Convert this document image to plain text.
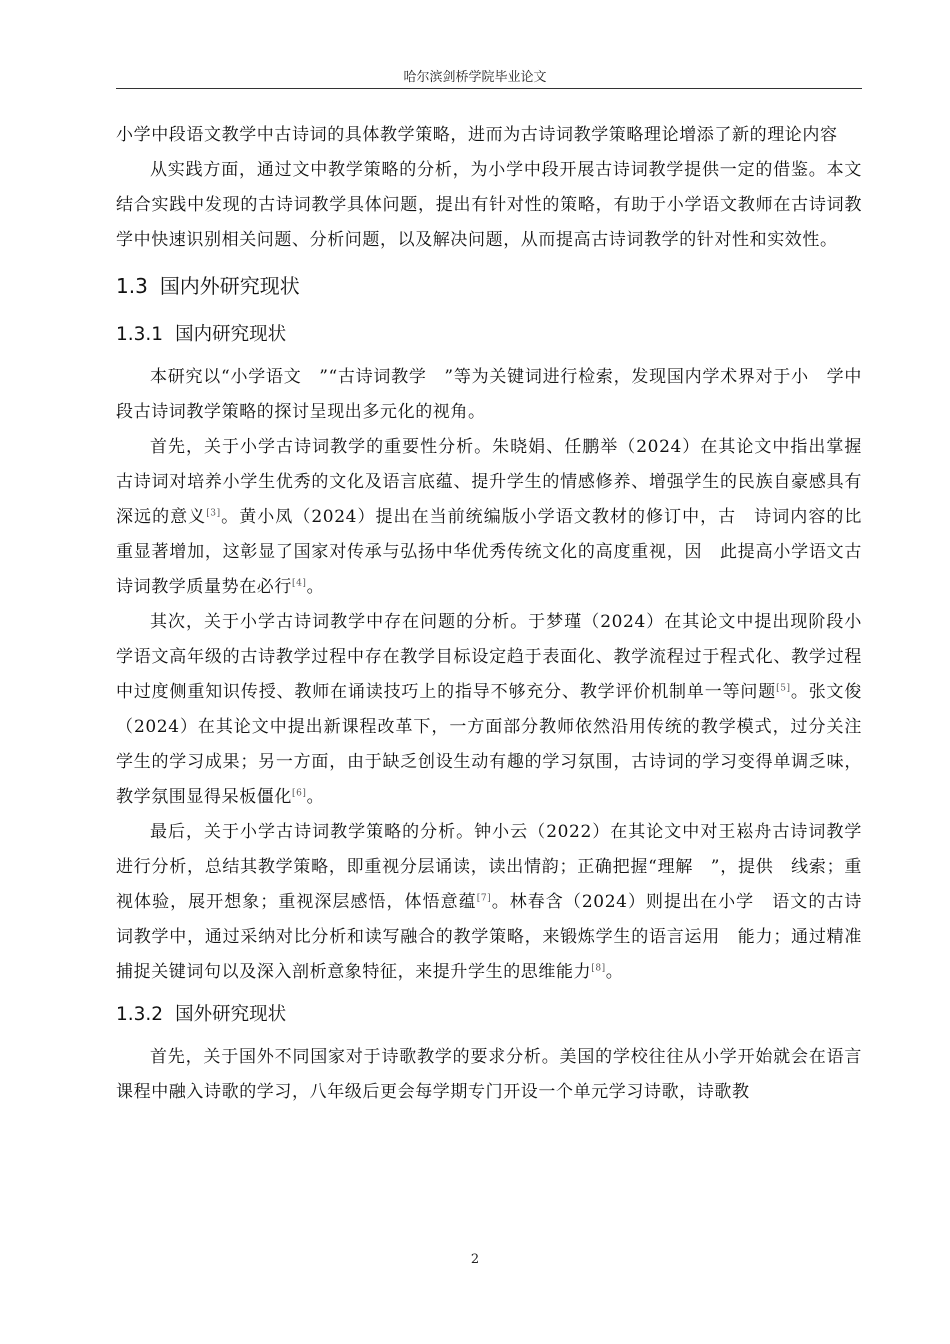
哈尔滨剑桥学院毕业论文

小学中段语文教学中古诗词的具体教学策略，进而为古诗词教学策略理论增添了新的理论内容

从实践方面，通过文中教学策略的分析，为小学中段开展古诗词教学提供一定的借鉴。本文结合实践中发现的古诗词教学具体问题，提出有针对性的策略，有助于小学语文教师在古诗词教学中快速识别相关问题、分析问题，以及解决问题，从而提高古诗词教学的针对性和实效性。

1.3 国内外研究现状
1.3.1 国内研究现状

本研究以“小学语文　”“古诗词教学　”等为关键词进行检索，发现国内学术界对于小　学中段古诗词教学策略的探讨呈现出多元化的视角。

首先，关于小学古诗词教学的重要性分析。朱晓娟、任鹏举（2024）在其论文中指出掌握古诗词对培养小学生优秀的文化及语言底蕴、提升学生的情感修养、增强学生的民族自豪感具有深远的意义[3]。黄小凤（2024）提出在当前统编版小学语文教材的修订中，古　诗词内容的比重显著增加，这彰显了国家对传承与弘扬中华优秀传统文化的高度重视，因　此提高小学语文古诗词教学质量势在必行[4]。

其次，关于小学古诗词教学中存在问题的分析。于梦瑾（2024）在其论文中提出现阶段小学语文高年级的古诗教学过程中存在教学目标设定趋于表面化、教学流程过于程式化、教学过程中过度侧重知识传授、教师在诵读技巧上的指导不够充分、教学评价机制单一等问题[5]。张文俊（2024）在其论文中提出新课程改革下，一方面部分教师依然沿用传统的教学模式，过分关注学生的学习成果；另一方面，由于缺乏创设生动有趣的学习氛围，古诗词的学习变得单调乏味，教学氛围显得呆板僵化[6]。

最后，关于小学古诗词教学策略的分析。钟小云（2022）在其论文中对王崧舟古诗词教学进行分析，总结其教学策略，即重视分层诵读，读出情韵；正确把握“理解　”，提供　线索；重视体验，展开想象；重视深层感悟，体悟意蕴[7]。林春含（2024）则提出在小学　语文的古诗词教学中，通过采纳对比分析和读写融合的教学策略，来锻炼学生的语言运用　能力；通过精准捕捉关键词句以及深入剖析意象特征，来提升学生的思维能力[8]。

1.3.2 国外研究现状

首先，关于国外不同国家对于诗歌教学的要求分析。美国的学校往往从小学开始就会在语言课程中融入诗歌的学习，八年级后更会每学期专门开设一个单元学习诗歌，诗歌教

2
